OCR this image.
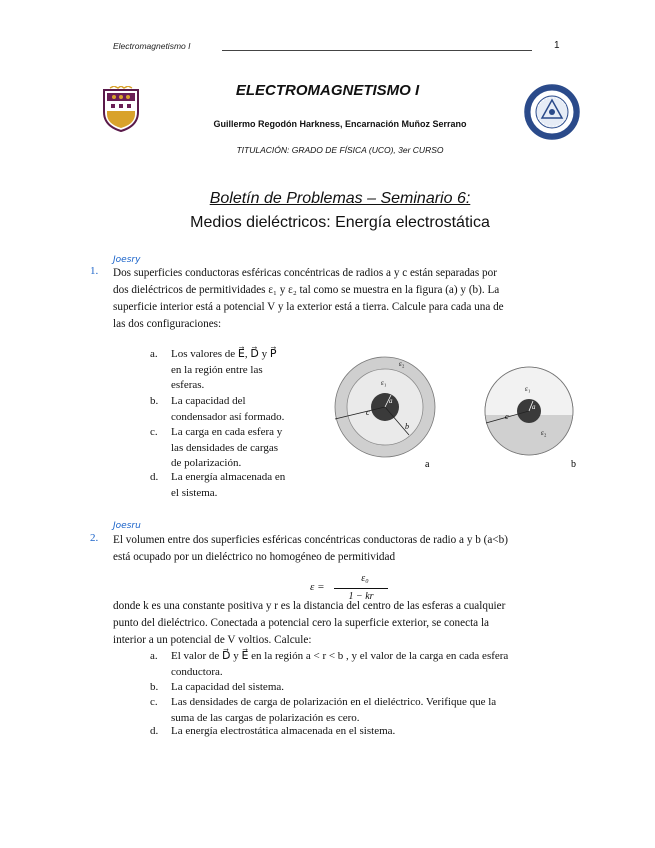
Electromagnetismo I	1
ELECTROMAGNETISMO I
Guillermo Regodón Harkness, Encarnación Muñoz Serrano
TITULACIÓN: GRADO DE FÍSICA (UCO), 3er CURSO
Boletín de Problemas – Seminario 6:
Medios dieléctricos: Energía electrostática
Joesry
1. Dos superficies conductoras esféricas concéntricas de radios a y c están separadas por
dos dieléctricos de permitividades ε₁ y ε₂ tal como se muestra en la figura (a) y (b). La
superficie interior está a potencial V y la exterior está a tierra. Calcule para cada una de
las dos configuraciones:
a. Los valores de E⃗, D⃗ y P⃗
en la región entre las
esferas.
b. La capacidad del
condensador así formado.
c. La carga en cada esfera y
las densidades de cargas
de polarización.
d. La energía almacenada en
el sistema.
c
b
a
ε₁
ε₂
a
c
a
ε₁
ε₂
b
Joesru
2. El volumen entre dos superficies esféricas concéntricas conductoras de radio a y b (a<b)
está ocupado por un dieléctrico no homogéneo de permitividad
ε =
ε₀
1 − kr
donde k es una constante positiva y r es la distancia del centro de las esferas a cualquier
punto del dieléctrico. Conectada a potencial cero la superficie exterior, se conecta la
interior a un potencial de V voltios. Calcule:
a. El valor de D⃗ y E⃗ en la región a < r < b , y el valor de la carga en cada esfera
conductora.
b. La capacidad del sistema.
c. Las densidades de carga de polarización en el dieléctrico. Verifique que la
suma de las cargas de polarización es cero.
d. La energía electrostática almacenada en el sistema.
